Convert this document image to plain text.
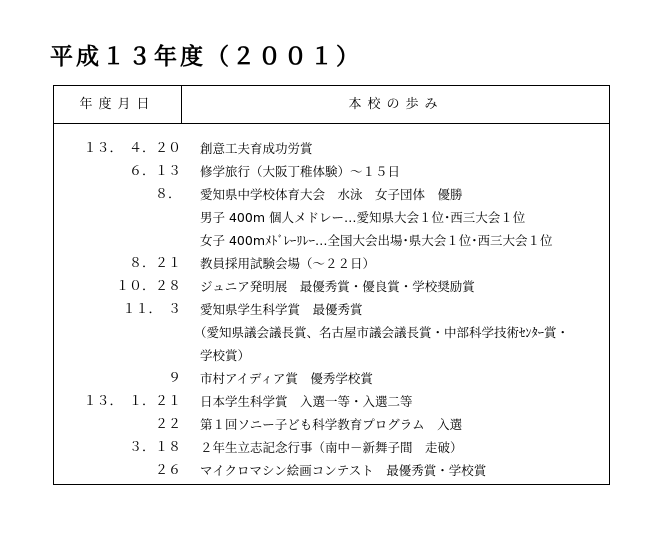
平成１３年度（２００１）
年度月日	本校の歩み
１３．　４．２０ 創意工夫育成功労賞
６．１３ 修学旅行（大阪丁稚体験）～１５日
８． 愛知県中学校体育大会　水泳　女子団体　優勝
男子 400m 個人メドレー…愛知県大会１位･西三大会１位
女子 400mﾒﾄﾞﾚｰﾘﾚｰ…全国大会出場･県大会１位･西三大会１位
８．２１ 教員採用試験会場（～２２日）
１０．２８ ジュニア発明展　最優秀賞・優良賞・学校奨励賞
１１．　３ 愛知県学生科学賞　最優秀賞
（愛知県議会議長賞、名古屋市議会議長賞・中部科学技術ｾﾝﾀｰ賞・
学校賞）
９ 市村アイディア賞　優秀学校賞
１３．　１．２１ 日本学生科学賞　入選一等・入選二等
２２ 第１回ソニー子ども科学教育プログラム　入選
３．１８ ２年生立志記念行事（南中－新舞子間　走破）
２６ マイクロマシン絵画コンテスト　最優秀賞・学校賞
